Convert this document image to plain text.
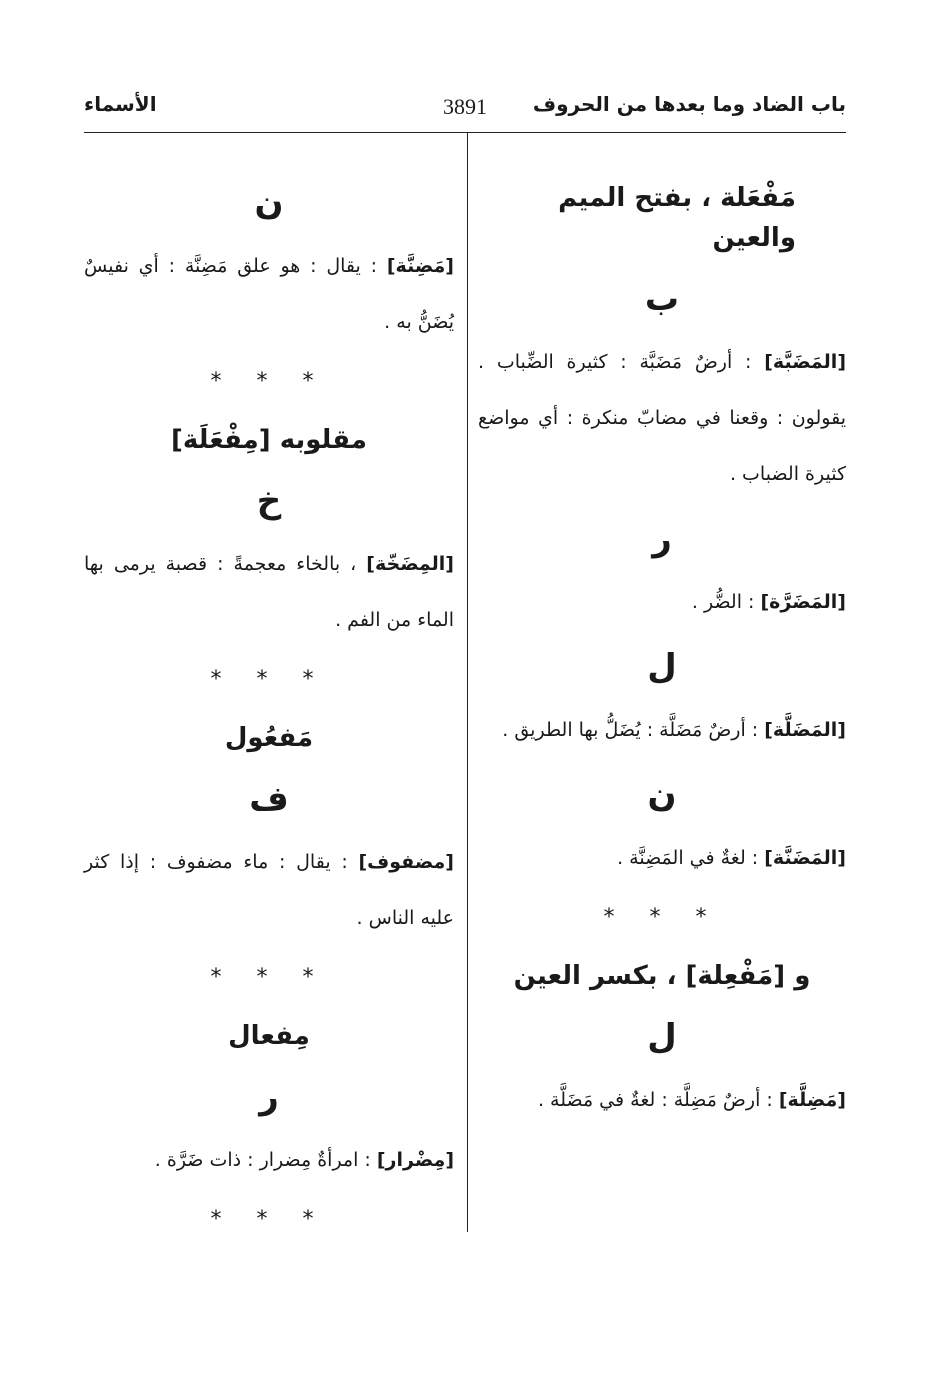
باب الضاد وما بعدها من الحروف
3891
الأسماء
مَفْعَلة ، بفتح الميم والعين
ب

[المَضَبَّة] : أرضٌ مَضَبَّة : كثيرة الضِّباب . يقولون : وقعنا في مضابّ منكرة : أي مواضع كثيرة الضباب .

ر

[المَضَرَّة] : الضُّر .

ل

[المَضَلَّة] : أرضٌ مَضَلَّة : يُضَلُّ بها الطريق .

ن

[المَضَنَّة] : لغةٌ في المَضِنَّة .

* * *
و [مَفْعِلة] ، بكسر العين
ل

[مَضِلَّة] : أرضٌ مَضِلَّة : لغةٌ في مَضَلَّة .

ن

[مَضِنَّة] : يقال : هو علق مَضِنَّة : أي نفيسٌ يُضَنُّ به .

* * *
مقلوبه [مِفْعَلَة]
خ

[المِضَخّة] ، بالخاء معجمةً : قصبة يرمى بها الماء من الفم .

* * *
مَفعُول
ف

[مضفوف] : يقال : ماء مضفوف : إذا كثر عليه الناس .

* * *
مِفعال
ر

[مِضْرار] : امرأةٌ مِضرار : ذات ضَرَّة .

* * *
